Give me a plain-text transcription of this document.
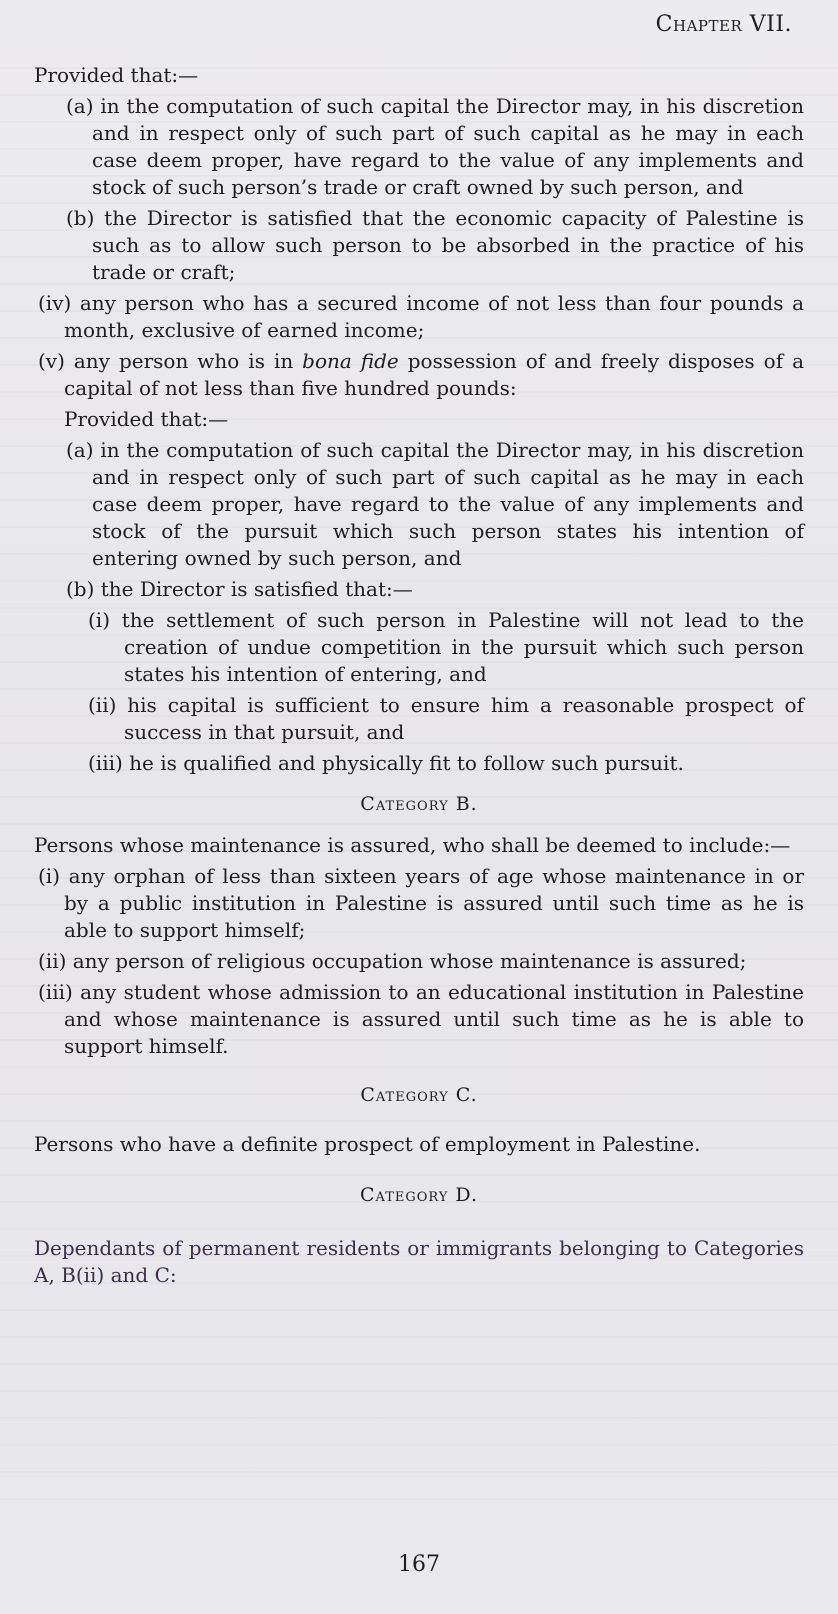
Chapter VII.

Provided that:—

(a) in the computation of such capital the Director may, in his discretion and in respect only of such part of such capital as he may in each case deem proper, have regard to the value of any implements and stock of such person’s trade or craft owned by such person, and

(b) the Director is satisfied that the economic capacity of Palestine is such as to allow such person to be absorbed in the practice of his trade or craft;

(iv) any person who has a secured income of not less than four pounds a month, exclusive of earned income;

(v) any person who is in bona fide possession of and freely disposes of a capital of not less than five hundred pounds:

Provided that:—

(a) in the computation of such capital the Director may, in his discretion and in respect only of such part of such capital as he may in each case deem proper, have regard to the value of any implements and stock of the pursuit which such person states his intention of entering owned by such person, and

(b) the Director is satisfied that:—

(i) the settlement of such person in Palestine will not lead to the creation of undue competition in the pursuit which such person states his intention of entering, and

(ii) his capital is sufficient to ensure him a reasonable prospect of success in that pursuit, and

(iii) he is qualified and physically fit to follow such pursuit.

Category B.

Persons whose maintenance is assured, who shall be deemed to include:—

(i) any orphan of less than sixteen years of age whose maintenance in or by a public institution in Palestine is assured until such time as he is able to support himself;

(ii) any person of religious occupation whose maintenance is assured;

(iii) any student whose admission to an educational institution in Palestine and whose maintenance is assured until such time as he is able to support himself.

Category C.

Persons who have a definite prospect of employment in Palestine.

Category D.

Dependants of permanent residents or immigrants belonging to Categories A, B(ii) and C:

167
